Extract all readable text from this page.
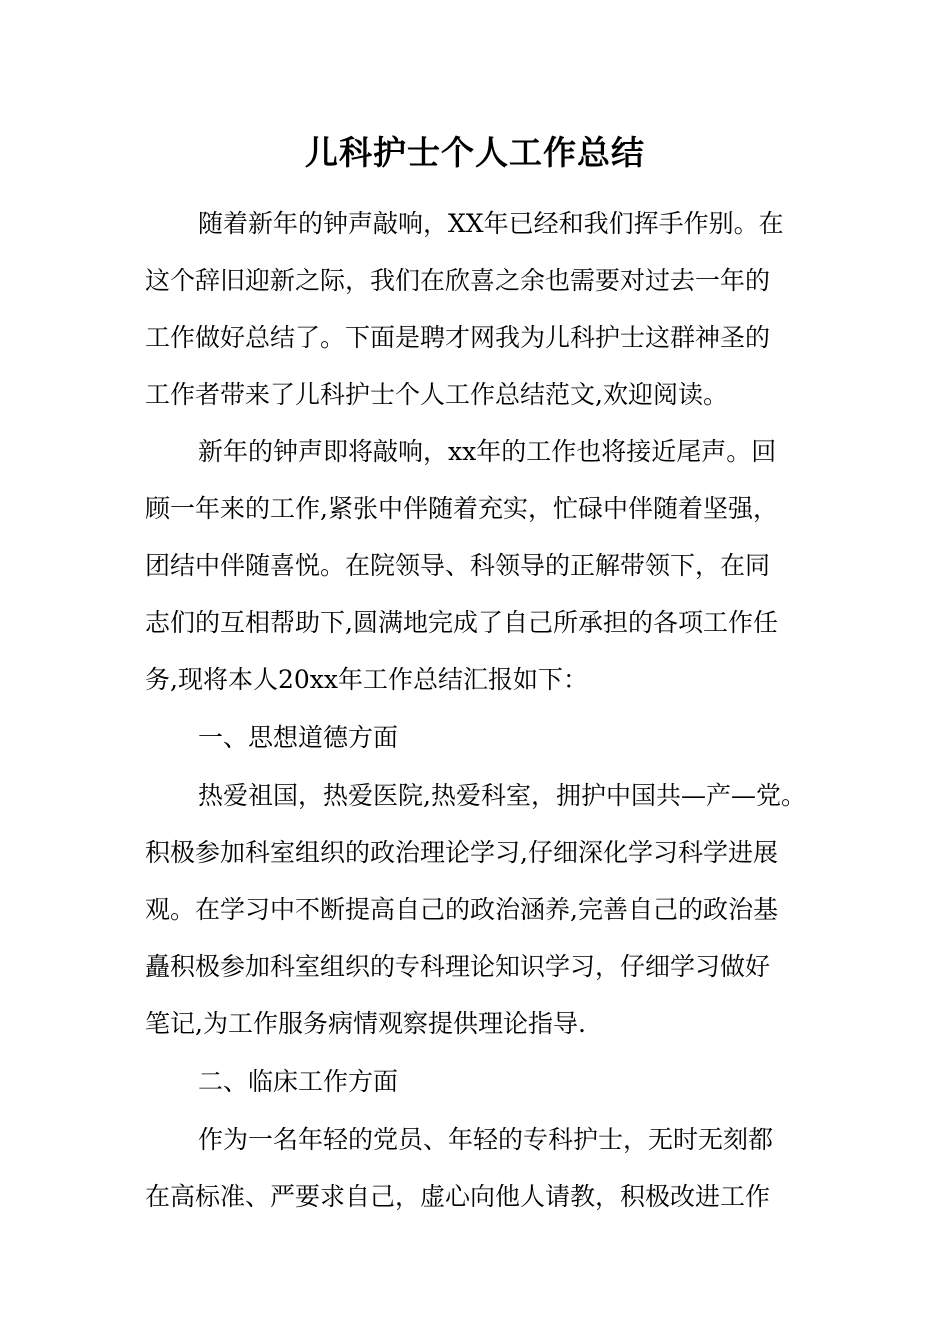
儿科护士个人工作总结

随着新年的钟声敲响，XX年已经和我们挥手作别。在

这个辞旧迎新之际，我们在欣喜之余也需要对过去一年的

工作做好总结了。下面是聘才网我为儿科护士这群神圣的

工作者带来了儿科护士个人工作总结范文,欢迎阅读。

新年的钟声即将敲响，xx年的工作也将接近尾声。回

顾一年来的工作,紧张中伴随着充实，忙碌中伴随着坚强，

团结中伴随喜悦。在院领导、科领导的正解带领下，在同

志们的互相帮助下,圆满地完成了自己所承担的各项工作任

务,现将本人20xx年工作总结汇报如下：

一、思想道德方面

热爱祖国，热爱医院,热爱科室，拥护中国共—产—党。

积极参加科室组织的政治理论学习,仔细深化学习科学进展

观。在学习中不断提高自己的政治涵养,完善自己的政治基

矗积极参加科室组织的专科理论知识学习，仔细学习做好

笔记,为工作服务病情观察提供理论指导.

二、临床工作方面

作为一名年轻的党员、年轻的专科护士，无时无刻都

在高标准、严要求自己，虚心向他人请教，积极改进工作
